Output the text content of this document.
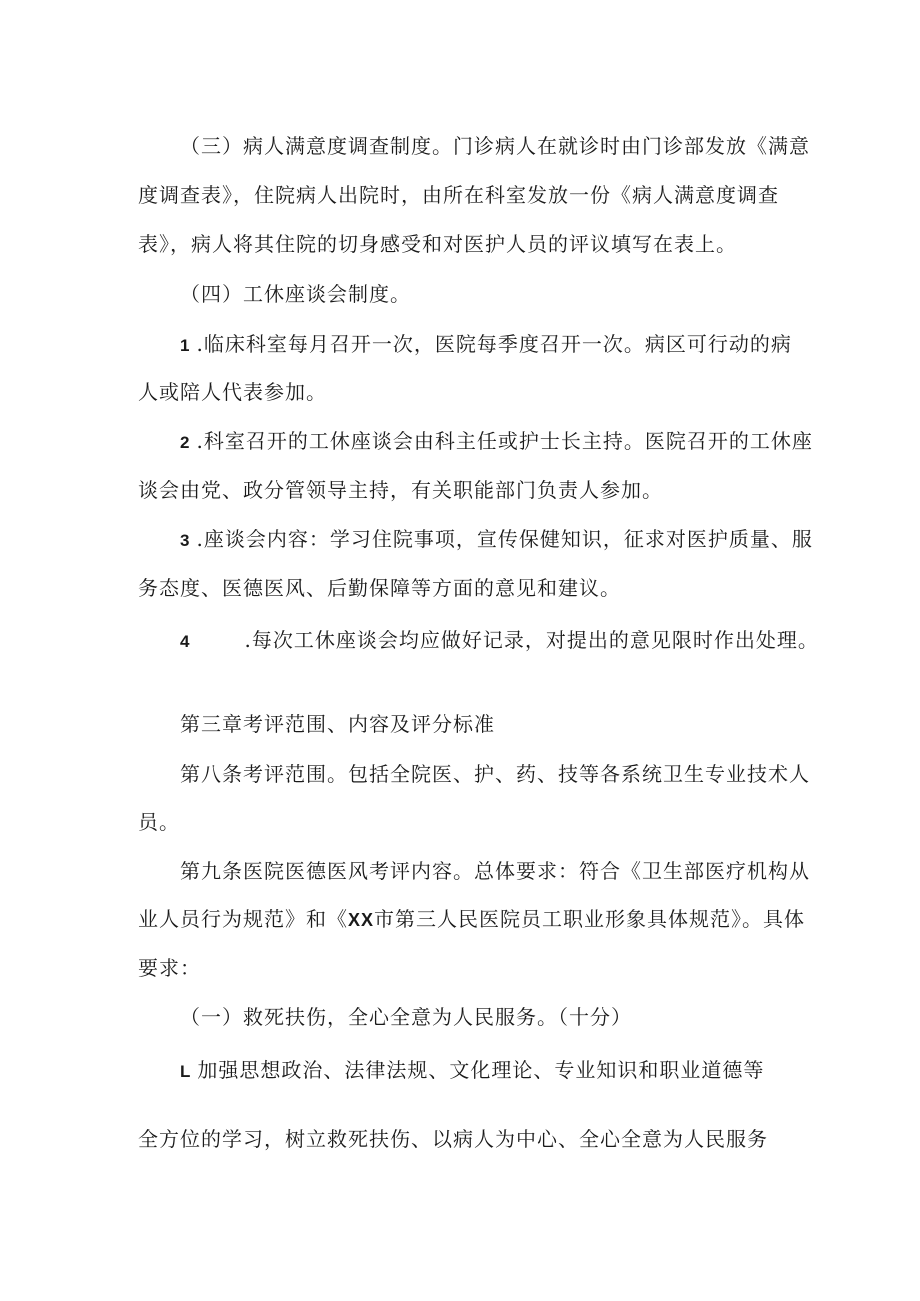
（三）病人满意度调查制度。门诊病人在就诊时由门诊部发放《满意

度调查表》，住院病人出院时，由所在科室发放一份《病人满意度调查

表》，病人将其住院的切身感受和对医护人员的评议填写在表上。

（四）工休座谈会制度。

1 .临床科室每月召开一次，医院每季度召开一次。病区可行动的病

人或陪人代表参加。

2 .科室召开的工休座谈会由科主任或护士长主持。医院召开的工休座

谈会由党、政分管领导主持，有关职能部门负责人参加。

3 .座谈会内容：学习住院事项，宣传保健知识，征求对医护质量、服

务态度、医德医风、后勤保障等方面的意见和建议。

4	.每次工休座谈会均应做好记录，对提出的意见限时作出处理。

第三章考评范围、内容及评分标准

第八条考评范围。包括全院医、护、药、技等各系统卫生专业技术人

员。

第九条医院医德医风考评内容。总体要求：符合《卫生部医疗机构从

业人员行为规范》和《XX市第三人民医院员工职业形象具体规范》。具体

要求：

（一）救死扶伤，全心全意为人民服务。（十分）

L 加强思想政治、法律法规、文化理论、专业知识和职业道德等

全方位的学习，树立救死扶伤、以病人为中心、全心全意为人民服务
